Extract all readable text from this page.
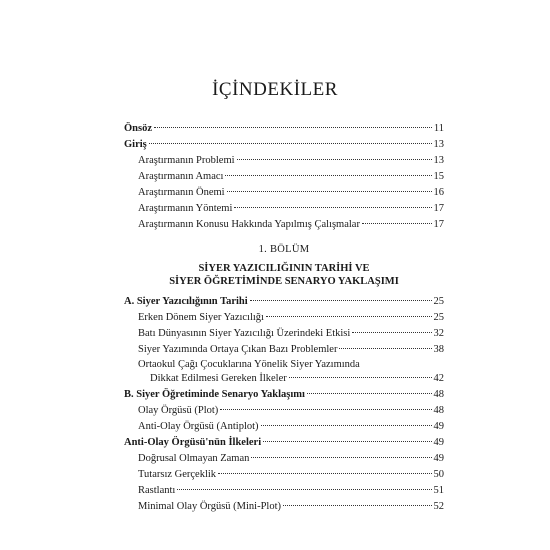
İÇİNDEKİLER
Önsöz	11
Giriş	13
Araştırmanın Problemi	13
Araştırmanın Amacı	15
Araştırmanın Önemi	16
Araştırmanın Yöntemi	17
Araştırmanın Konusu Hakkında Yapılmış Çalışmalar	17
1. BÖLÜM
SİYER YAZICILIĞININ TARİHİ VE
SİYER ÖĞRETİMİNDE SENARYO YAKLAŞIMI
A. Siyer Yazıcılığının Tarihi	25
Erken Dönem Siyer Yazıcılığı	25
Batı Dünyasının Siyer Yazıcılığı Üzerindeki Etkisi	32
Siyer Yazımında Ortaya Çıkan Bazı Problemler	38
Ortaokul Çağı Çocuklarına Yönelik Siyer Yazımında
Dikkat Edilmesi Gereken İlkeler	42
B. Siyer Öğretiminde Senaryo Yaklaşımı	48
Olay Örgüsü (Plot)	48
Anti-Olay Örgüsü (Antiplot)	49
Anti-Olay Örgüsü'nün İlkeleri	49
Doğrusal Olmayan Zaman	49
Tutarsız Gerçeklik	50
Rastlantı	51
Minimal Olay Örgüsü (Mini-Plot)	52
